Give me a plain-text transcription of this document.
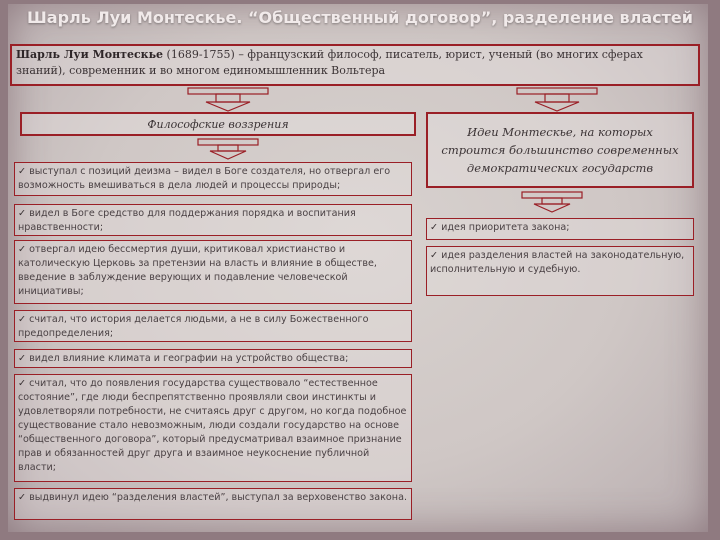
Шарль Луи Монтескье. “Общественный договор”, разделение властей
Шарль Луи Монтескье (1689-1755) – французский философ, писатель, юрист, ученый (во многих сферах знаний), современник и во многом единомышленник Вольтера
Философские воззрения
Идеи Монтескье, на которых строится большинство современных демократических государств
✓ выступал с позиций деизма – видел в Боге создателя, но отвергал его возможность вмешиваться в дела людей и процессы природы;
✓ видел в Боге средство для поддержания порядка и воспитания нравственности;
✓ отвергал идею бессмертия души, критиковал христианство и католическую Церковь за претензии на власть и влияние в обществе, введение в заблуждение верующих и подавление человеческой инициативы;
✓ считал, что история делается людьми, а не в силу Божественного предопределения;
✓ видел влияние климата и географии на устройство общества;
✓ считал, что до появления государства существовало “естественное состояние”, где люди беспрепятственно проявляли свои инстинкты и удовлетворяли потребности, не считаясь друг с другом, но когда подобное существование стало невозможным, люди создали государство на основе “общественного договора”, который предусматривал взаимное признание прав и обязанностей друг друга и взаимное неукоснение публичной власти;
✓ выдвинул идею “разделения властей”, выступал за верховенство закона.
✓ идея приоритета закона;
✓ идея разделения властей на законодательную, исполнительную и судебную.
